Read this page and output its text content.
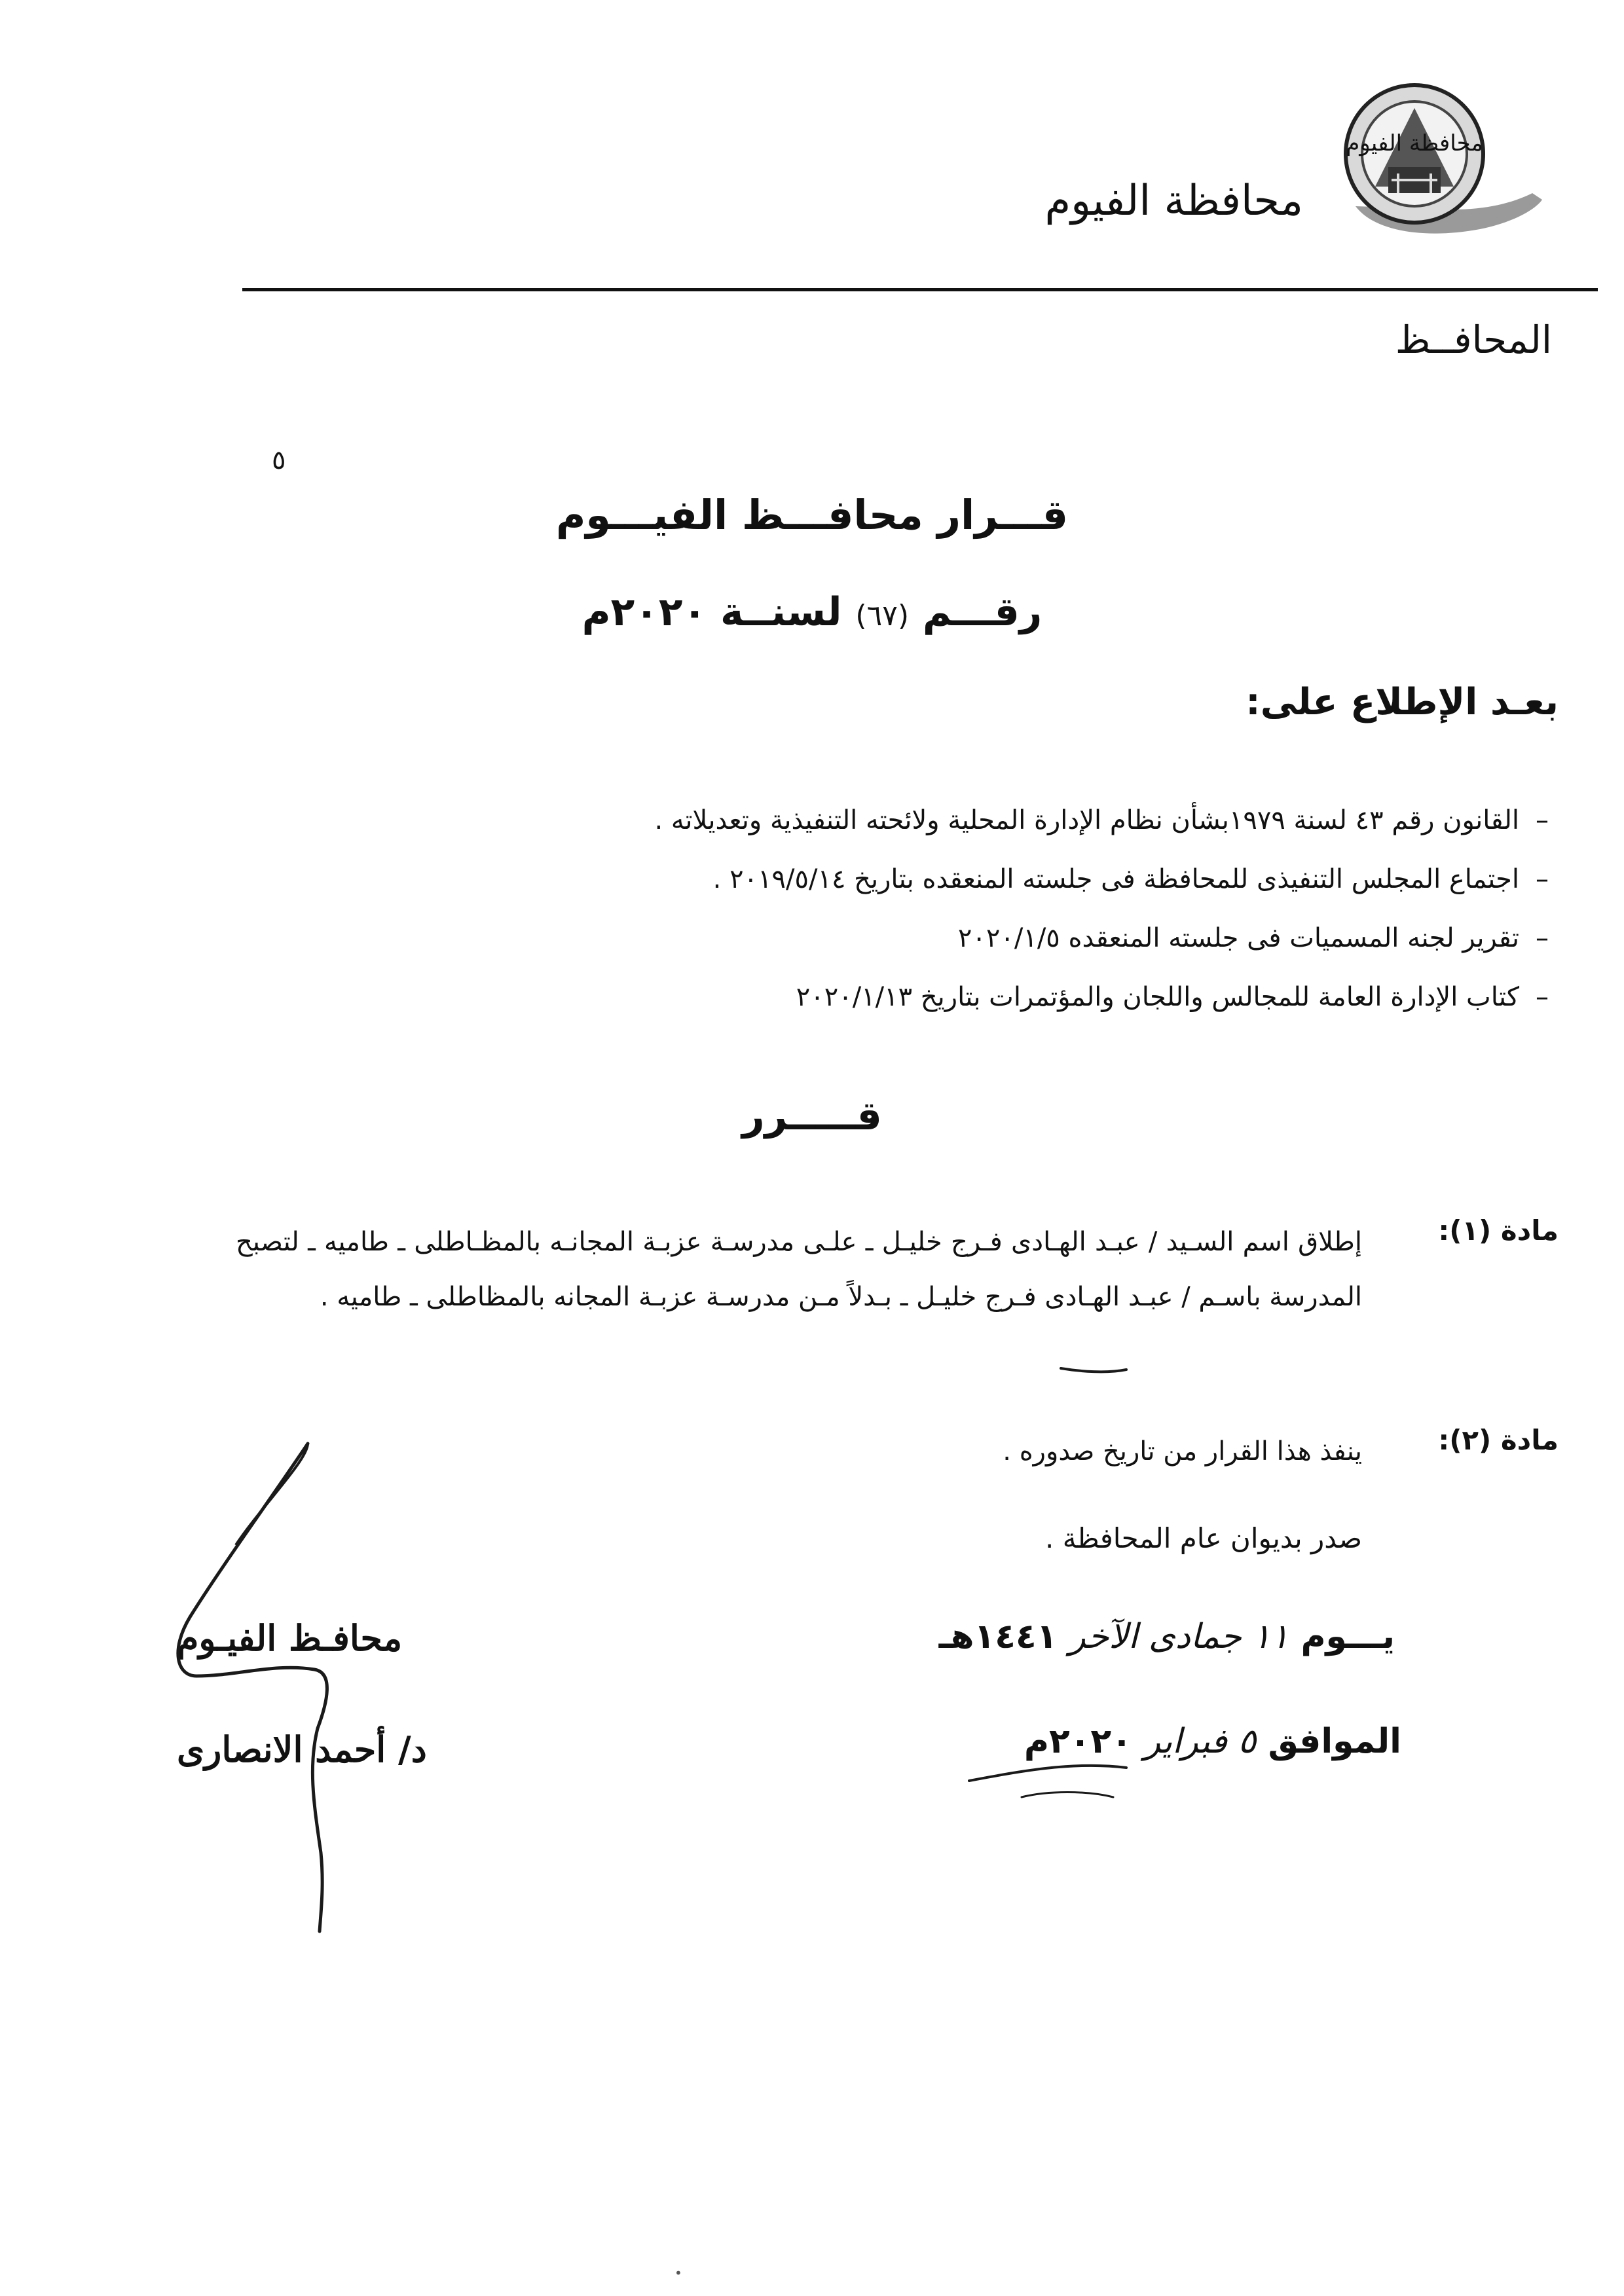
محافظة الفيوم
محافظة الفيوم
المحافــظ
٥
قـــرار محافـــظ الفيـــوم
رقـــم (٦٧) لسنــة ٢٠٢٠م
بعـد الإطلاع على:
–
القانون رقم ٤٣ لسنة ١٩٧٩بشأن نظام الإدارة المحلية ولائحته التنفيذية وتعديلاته .
–
اجتماع المجلس التنفيذى للمحافظة فى جلسته المنعقده بتاريخ ٢٠١٩/٥/١٤ .
–
تقرير لجنه المسميات فى جلسته المنعقده ٢٠٢٠/١/٥
–
كتاب الإدارة العامة للمجالس واللجان والمؤتمرات بتاريخ ٢٠٢٠/١/١٣
قـــــرر
مادة (١):
إطلاق اسم السـيد / عبـد الهـادى فـرج خليـل ـ علـى مدرسـة عزبـة المجانـه بالمظـاطلى ـ طاميه ـ لتصبح المدرسة باسـم / عبـد الهـادى فـرج خليـل ـ بـدلاً مـن مدرسـة عزبـة المجانه بالمظاطلى ـ طاميه .
مادة (٢):
ينفذ هذا القرار من تاريخ صدوره .
صدر بديوان عام المحافظة .
يـــوم ١١ جمادى الآخر ١٤٤١هـ
الموافق ٥ فبراير ٢٠٢٠م
محافـظ الفيـوم
د/ أحمد الانصارى
•
